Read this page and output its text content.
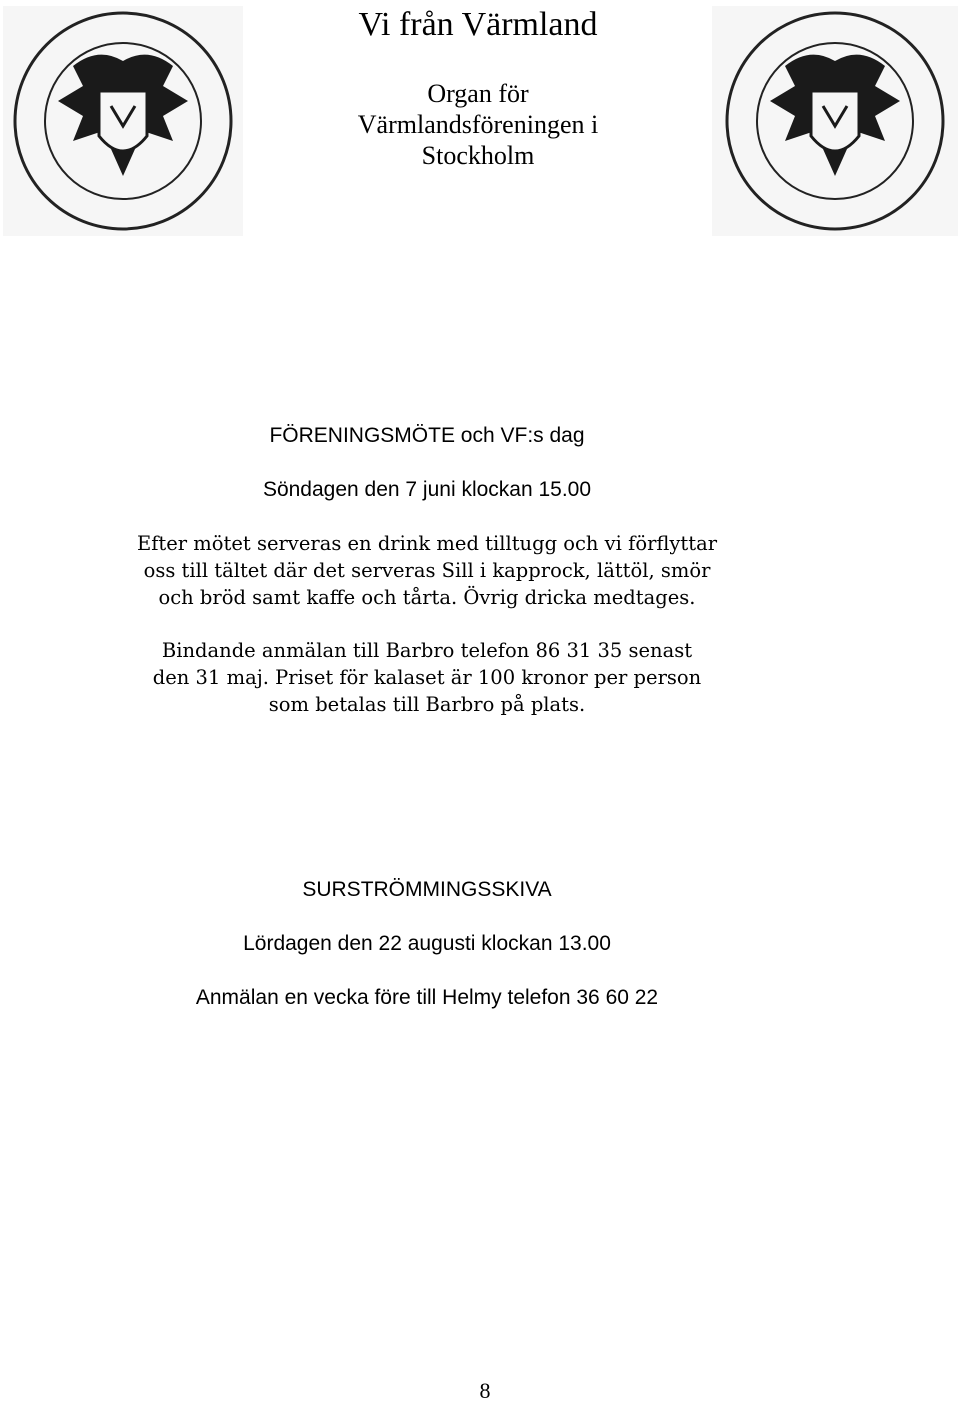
Vi från Värmland
Organ för
Värmlandsföreningen i
Stockholm
FÖRENINGSMÖTE och VF:s dag
Söndagen den 7 juni klockan 15.00
Efter mötet serveras en drink med tilltugg och vi förflyttar
oss till tältet där det serveras Sill i kapprock, lättöl, smör
och bröd samt kaffe och tårta. Övrig dricka medtages.
Bindande anmälan till Barbro telefon 86 31 35 senast
den 31 maj. Priset för kalaset är 100 kronor per person
som betalas till Barbro på plats.
SURSTRÖMMINGSSKIVA
Lördagen den 22 augusti klockan 13.00
Anmälan en vecka före till Helmy telefon 36 60 22
8
